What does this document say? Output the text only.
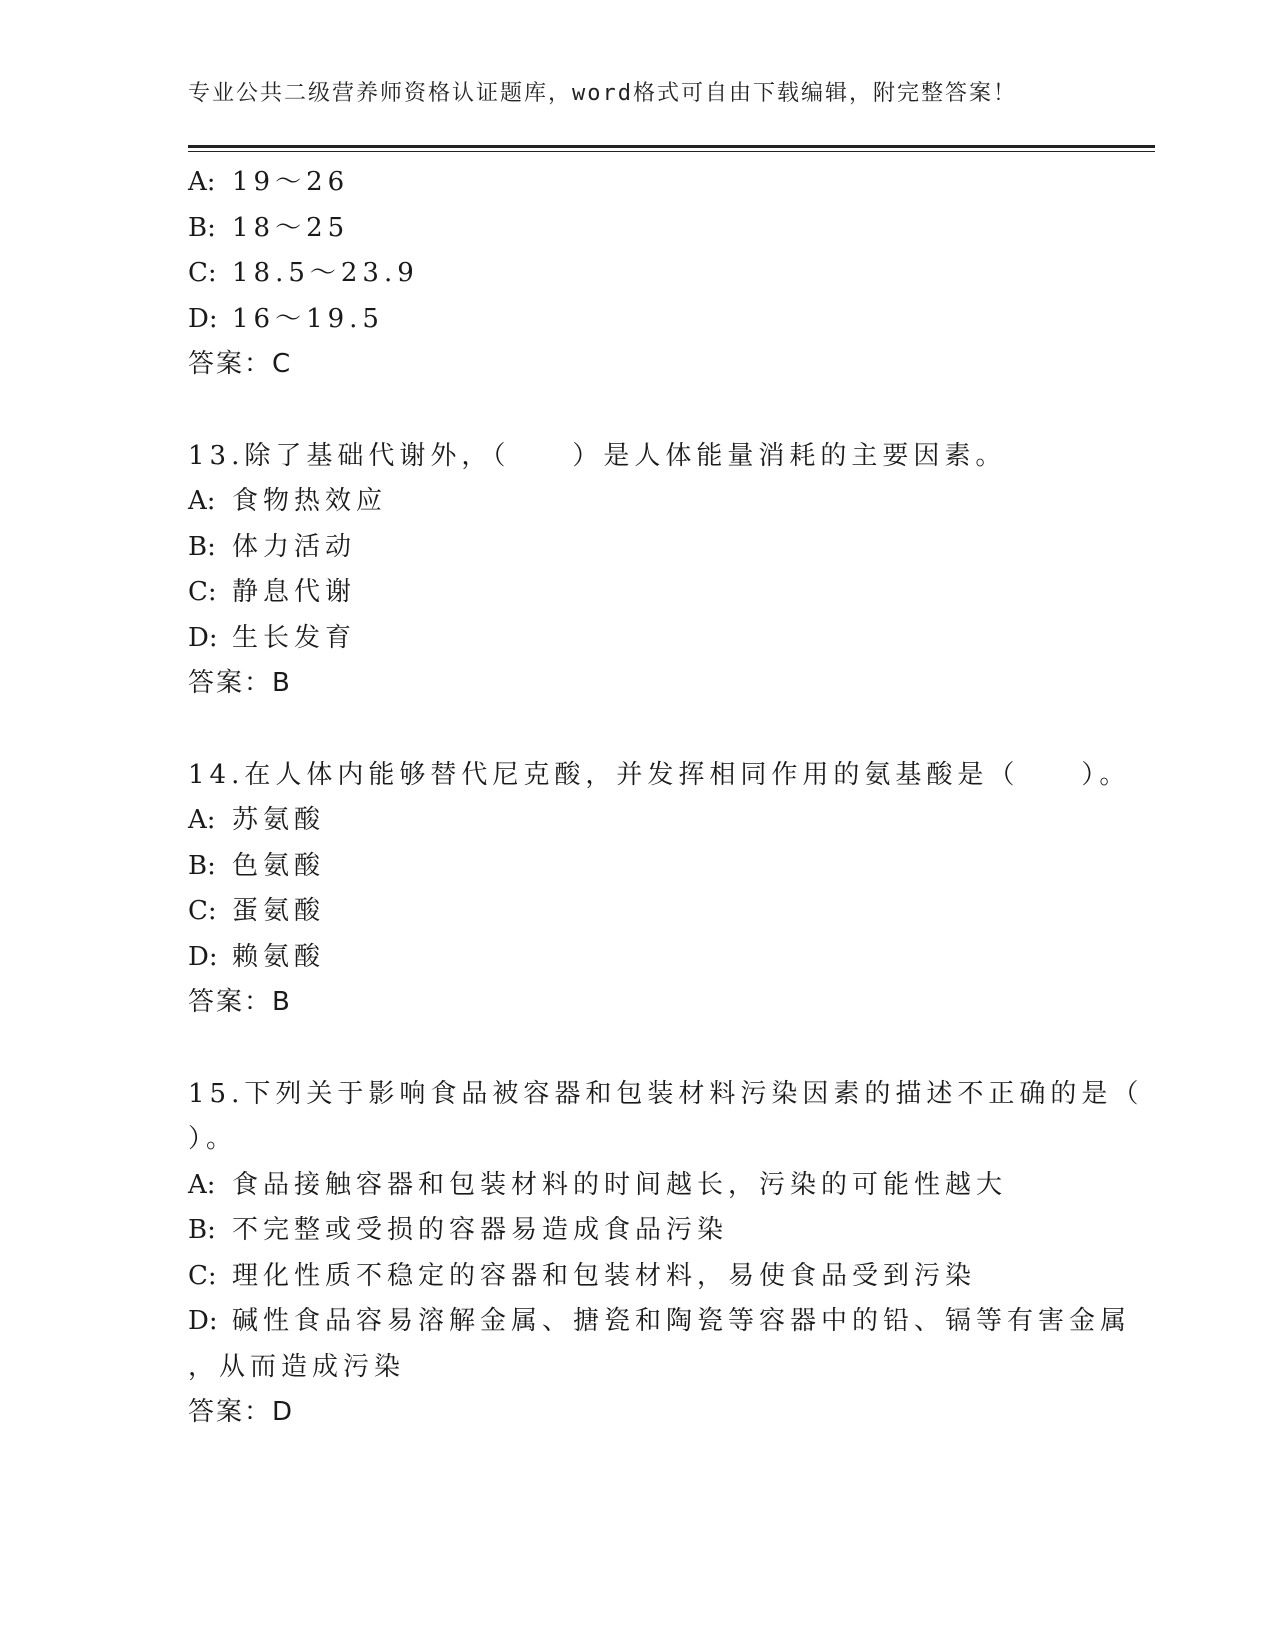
专业公共二级营养师资格认证题库，word格式可自由下载编辑，附完整答案！
A: 19～26
B: 18～25
C: 18.5～23.9
D: 16～19.5
答案：C
13.除了基础代谢外，（　　）是人体能量消耗的主要因素。
A: 食物热效应
B: 体力活动
C: 静息代谢
D: 生长发育
答案：B
14.在人体内能够替代尼克酸，并发挥相同作用的氨基酸是（　　）。
A: 苏氨酸
B: 色氨酸
C: 蛋氨酸
D: 赖氨酸
答案：B
15.下列关于影响食品被容器和包装材料污染因素的描述不正确的是（
）。
A: 食品接触容器和包装材料的时间越长，污染的可能性越大
B: 不完整或受损的容器易造成食品污染
C: 理化性质不稳定的容器和包装材料，易使食品受到污染
D: 碱性食品容易溶解金属、搪瓷和陶瓷等容器中的铅、镉等有害金属
，从而造成污染
答案：D
